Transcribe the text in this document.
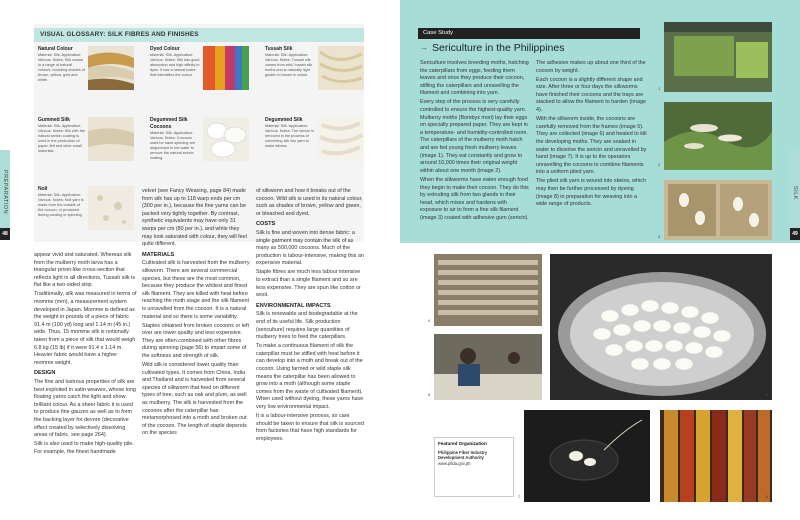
PREPARATION
48
VISUAL GLOSSARY: SILK FIBRES AND FINISHES
Natural Colour
Material: Silk. Application: Various. Notes: Silk comes in a range of natural colours, including shades of brown, yellow, gold and white.
Dyed Colour
Material: Silk. Application: Various. Notes: Silk has good absorption and high affinity to dyes. It has a natural lustre that intensifies the colour.
Tussah Silk
Material: Silk. Application: Various. Notes: Tussah silk comes from wild, tussah silk moths and is naturally light golden to brown in colour.
Gummed Silk
Material: Silk. Application: Various. Notes: Silk with the natural sericin coating is used in the production of paper, felt and other small materials.
Degummed Silk Cocoons
Material: Silk. Application: Various. Notes: Cocoons used for hand spinning are degummed in hot water to remove the natural sericin coating.
Degummed Silk
Material: Silk. Application: Various. Notes: The sericin is removed in the process of converting silk into yarn to make fabrics.
Noil
Material: Silk. Application: Various. Notes: Noil yarn is made from the outside of the cocoon, or produced during carding or spinning.

appear vivid and saturated. Whereas silk from the mulberry moth larva has a triangular prism-like cross-section that reflects light in all directions, Tussah silk is flat like a two-sided strip.

Traditionally, silk was measured in terms of momme (mm), a measurement system developed in Japan. Momme is defined as the weight in pounds of a piece of fabric 91.4 m (100 yd) long and 1.14 m (45 in.) wide. Thus, 15 momme silk is notionally taken from a piece of silk that would weigh 6.8 kg (15 lb) if it were 91.4 x 1.14 m. Heavier fabric would have a higher momme weight.

DESIGN

The fine and lustrous properties of silk are best exploited in satin weaves, whose long floating yarns catch the light and show brilliant colour. As a sheer fabric it is used to produce fine gauzes as well as to form the backing layer for devore (decorative effect created by selectively dissolving areas of fabric, see page 264).

Silk is also used to make high-quality pile. For example, the finest handmade

velvet (see Fancy Weaving, page 84) made from silk has up to 118 warp ends per cm (300 per in.), because the fine yarns can be packed very tightly together. By contrast, synthetic equivalents may have only 31 warps per cm (80 per in.), and while they may look saturated with colour, they will feel quite different.

MATERIALS

Cultivated silk is harvested from the mulberry silkworm. There are several commercial species, but these are the most common, because they produce the whitest and finest silk filament. They are killed with heat before reaching the moth stage and the silk filament is unravelled from the cocoon. It is a natural material and so there is some variability.

Staples obtained from broken cocoons or left over are lower quality and less expensive. They are often combined with other fibres during spinning (page 56) to impart some of the softness and strength of silk.

Wild silk is considered lower quality than cultivated types. It comes from China, India and Thailand and is harvested from several species of silkworm that feed on different types of tree, such as oak and plum, as well as mulberry. The silk is harvested from the cocoons after the caterpillar has metamorphosed into a moth and broken out of the cocoon. The length of staple depends on the species

of silkworm and how it breaks out of the cocoon. Wild silk is used in its natural colour, such as shades of brown, yellow and green, or bleached and dyed.

COSTS

Silk is fine and woven into dense fabric: a single garment may contain the silk of as many as 500,000 cocoons. Much of the production is labour-intensive, making this an expensive material.

Staple fibres are much less labour intensive to extract than a single filament and so are less expensive. They are spun like cotton or wool.

ENVIRONMENTAL IMPACTS

Silk is renewable and biodegradable at the end of its useful life. Silk production (sericulture) requires large quantities of mulberry trees to feed the caterpillars.

To make a continuous filament of silk the caterpillar must be stifled with heat before it can develop into a moth and break out of the cocoon. Using farmed or wild staple silk means the caterpillar has been allowed to grow into a moth (although some staple comes from the waste of cultivated filament). When used without dyeing, these yarns have very low environmental impact.

It is a labour-intensive process, so care should be taken to ensure that silk is sourced from factories that have high standards for employees.

Case Study
→ Sericulture in the Philippines

Sericulture involves breeding moths, hatching the caterpillars from eggs, feeding them leaves and once they produce their cocoon, stifling the caterpillars and unravelling the filament and combining into yarn.

Every step of the process is very carefully controlled to ensure the highest-quality yarn. Mulberry moths (Bombyx mori) lay their eggs on specially prepared paper. They are kept in a temperature- and humidity-controlled room. The caterpillars of the mulberry moth hatch and are fed young fresh mulberry leaves (image 1). They eat constantly and grow to around 10,000 times their original weight within about one month (image 2).

When the silkworms have eaten enough food they begin to make their cocoon. They do this by extruding silk from two glands in their head, which mixes and hardens with exposure to air to form a fine silk filament (image 3) coated with adhesive gum (sericin).

The adhesive makes up about one third of the cocoon by weight.

Each cocoon is a slightly different shape and size. After three or four days the silkworms have finished their cocoons and the trays are stacked to allow the filament to harden (image 4).

With the silkworm inside, the cocoons are carefully removed from the frames (image 5). They are collected (image 6) and heated to kill the developing moths. They are soaked in water to dissolve the sericin and unravelled by hand (image 7). It is up to the operators unravelling the cocoons to combine filaments into a uniform plied yarn.

The plied silk yarn is wound into skeins, which may then be further processed by dyeing (image 8) in preparation for weaving into a wide range of products.

1
2
3
4
5	6
7	8
Featured Organization
Philippine Fiber Industry Development Authority
www.pfida.gov.ph
SILK
49
